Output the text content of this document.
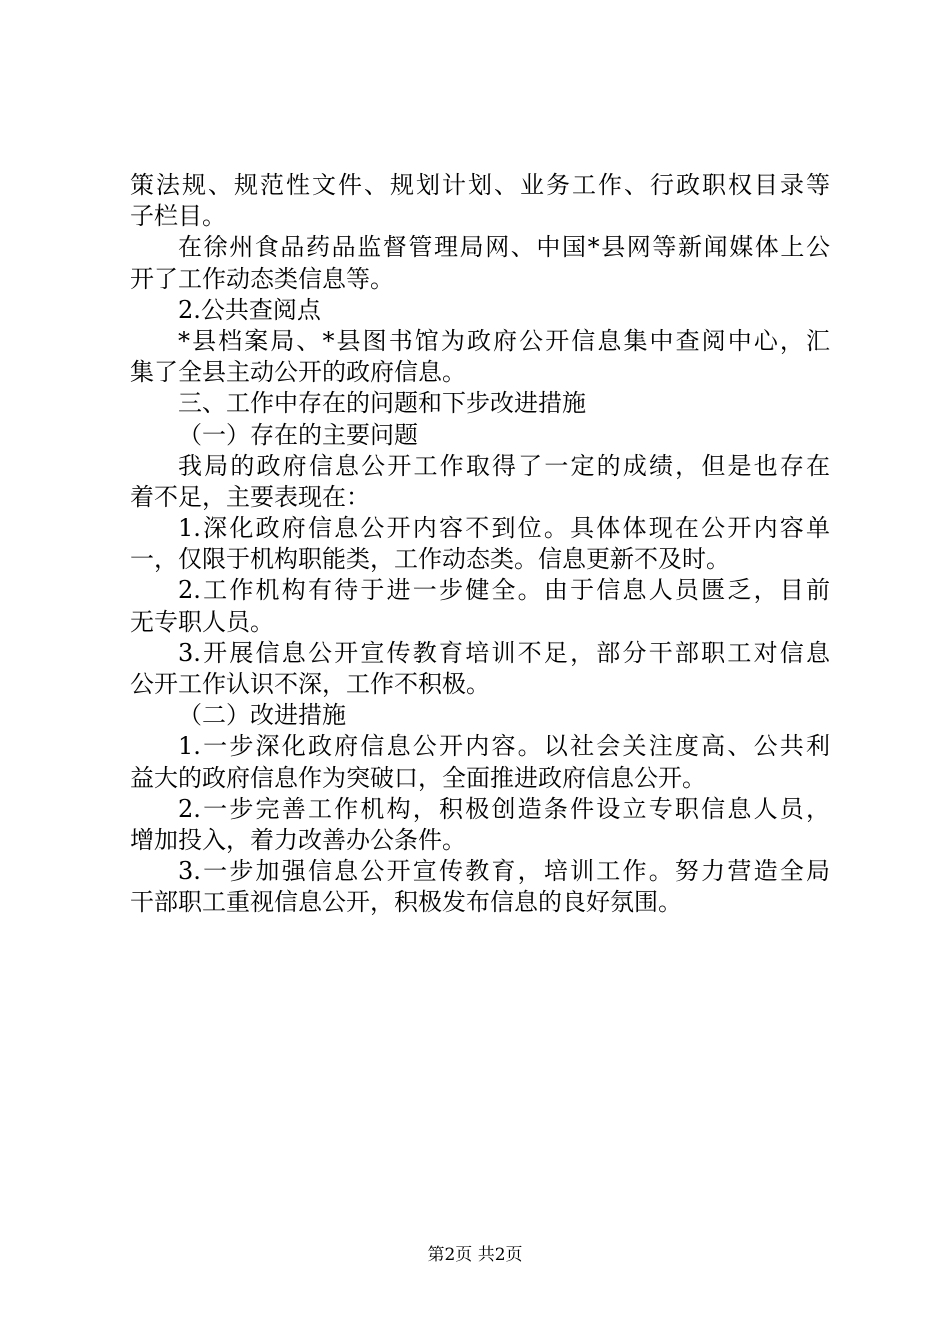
策法规、规范性文件、规划计划、业务工作、行政职权目录等
子栏目。
在徐州食品药品监督管理局网、中国*县网等新闻媒体上公
开了工作动态类信息等。
2.公共查阅点
*县档案局、*县图书馆为政府公开信息集中查阅中心，汇
集了全县主动公开的政府信息。
三、工作中存在的问题和下步改进措施
（一）存在的主要问题
我局的政府信息公开工作取得了一定的成绩，但是也存在
着不足，主要表现在：
1.深化政府信息公开内容不到位。具体体现在公开内容单
一，仅限于机构职能类，工作动态类。信息更新不及时。
2.工作机构有待于进一步健全。由于信息人员匮乏，目前
无专职人员。
3.开展信息公开宣传教育培训不足，部分干部职工对信息
公开工作认识不深，工作不积极。
（二）改进措施
1.一步深化政府信息公开内容。以社会关注度高、公共利
益大的政府信息作为突破口，全面推进政府信息公开。
2.一步完善工作机构，积极创造条件设立专职信息人员，
增加投入，着力改善办公条件。
3.一步加强信息公开宣传教育，培训工作。努力营造全局
干部职工重视信息公开，积极发布信息的良好氛围。
第2页 共2页
